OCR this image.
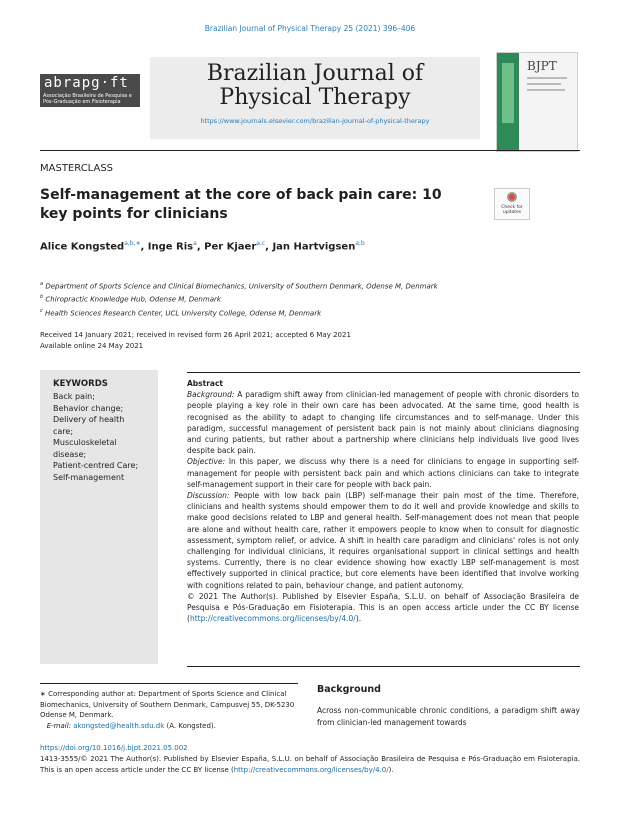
Brazilian Journal of Physical Therapy 25 (2021) 396–406
abrapg·ft
Associação Brasileira de Pesquisa e
Pós-Graduação em Fisioterapia
Brazilian Journal of
Physical Therapy
https://www.journals.elsevier.com/brazilian-journal-of-physical-therapy
BJPT
MASTERCLASS
Self-management at the core of back pain care: 10 key points for clinicians	Check for updates
Alice Kongsted$^{a,b,∗}$, Inge Ris$^a$, Per Kjaer$^{a,c}$, Jan Hartvigsen$^{a,b}$
$^a$ Department of Sports Science and Clinical Biomechanics, University of Southern Denmark, Odense M, Denmark
$^b$ Chiropractic Knowledge Hub, Odense M, Denmark
$^c$ Health Sciences Research Center, UCL University College, Odense M, Denmark
Received 14 January 2021; received in revised form 26 April 2021; accepted 6 May 2021
Available online 24 May 2021
KEYWORDS
Back pain;
Behavior change;
Delivery of health
care;
Musculoskeletal
disease;
Patient-centred Care;
Self-management
Abstract

Background: A paradigm shift away from clinician-led management of people with chronic disorders to people playing a key role in their own care has been advocated. At the same time, good health is recognised as the ability to adapt to changing life circumstances and to self-manage. Under this paradigm, successful management of persistent back pain is not mainly about clinicians diagnosing and curing patients, but rather about a partnership where clinicians help individuals live good lives despite back pain.

Objective: In this paper, we discuss why there is a need for clinicians to engage in supporting self-management for people with persistent back pain and which actions clinicians can take to integrate self-management support in their care for people with back pain.

Discussion: People with low back pain (LBP) self-manage their pain most of the time. Therefore, clinicians and health systems should empower them to do it well and provide knowledge and skills to make good decisions related to LBP and general health. Self-management does not mean that people are alone and without health care, rather it empowers people to know when to consult for diagnostic assessment, symptom relief, or advice. A shift in health care paradigm and clinicians' roles is not only challenging for individual clinicians, it requires organisational support in clinical settings and health systems. Currently, there is no clear evidence showing how exactly LBP self-management is most effectively supported in clinical practice, but core elements have been identified that involve working with cognitions related to pain, behaviour change, and patient autonomy.

© 2021 The Author(s). Published by Elsevier España, S.L.U. on behalf of Associação Brasileira de Pesquisa e Pós-Graduação em Fisioterapia. This is an open access article under the CC BY license (http://creativecommons.org/licenses/by/4.0/).

∗ Corresponding author at: Department of Sports Science and Clinical Biomechanics, University of Southern Denmark, Campusvej 55, DK-5230 Odense M, Denmark.
E-mail: akongsted@health.sdu.dk (A. Kongsted).
Background
Across non-communicable chronic conditions, a paradigm shift away from clinician-led management towards
https://doi.org/10.1016/j.bjpt.2021.05.002
1413-3555/© 2021 The Author(s). Published by Elsevier España, S.L.U. on behalf of Associação Brasileira de Pesquisa e Pós-Graduação em Fisioterapia. This is an open access article under the CC BY license (http://creativecommons.org/licenses/by/4.0/).
